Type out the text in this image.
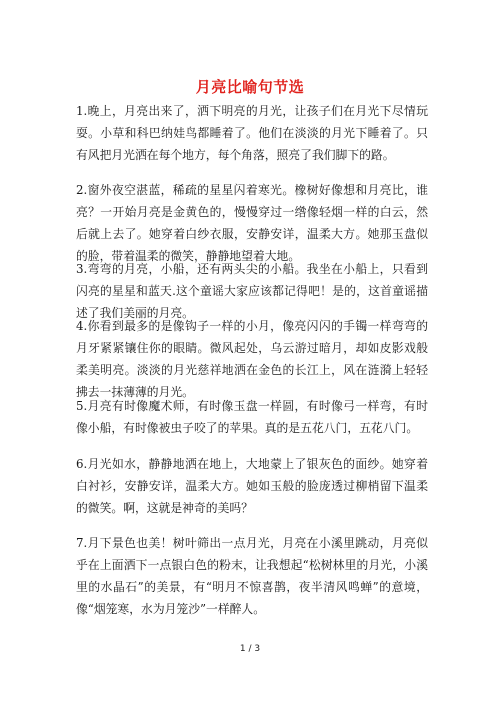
月亮比喻句节选

1.晚上，月亮出来了，洒下明亮的月光，让孩子们在月光下尽情玩耍。小草和科巴纳娃鸟都睡着了。他们在淡淡的月光下睡着了。只有风把月光洒在每个地方，每个角落，照亮了我们脚下的路。

2.窗外夜空湛蓝，稀疏的星星闪着寒光。橡树好像想和月亮比，谁亮？一开始月亮是金黄色的，慢慢穿过一绺像轻烟一样的白云，然后就上去了。她穿着白纱衣服，安静安详，温柔大方。她那玉盘似的脸，带着温柔的微笑，静静地望着大地。

3.弯弯的月亮，小船，还有两头尖的小船。我坐在小船上，只看到闪亮的星星和蓝天.这个童谣大家应该都记得吧！是的，这首童谣描述了我们美丽的月亮。

4.你看到最多的是像钩子一样的小月，像亮闪闪的手镯一样弯弯的月牙紧紧镶住你的眼睛。微风起处，乌云游过暗月，却如皮影戏般柔美明亮。淡淡的月光慈祥地洒在金色的长江上，风在涟漪上轻轻拂去一抹薄薄的月光。

5.月亮有时像魔术师，有时像玉盘一样圆，有时像弓一样弯，有时像小船，有时像被虫子咬了的苹果。真的是五花八门，五花八门。

6.月光如水，静静地洒在地上，大地蒙上了银灰色的面纱。她穿着白衬衫，安静安详，温柔大方。她如玉般的脸庞透过柳梢留下温柔的微笑。啊，这就是神奇的美吗？

7.月下景色也美！树叶筛出一点月光，月亮在小溪里跳动，月亮似乎在上面洒下一点银白色的粉末，让我想起“松树林里的月光，小溪里的水晶石”的美景，有“明月不惊喜鹊，夜半清风鸣蝉”的意境，像“烟笼寒，水为月笼沙”一样醉人。

1 / 3
